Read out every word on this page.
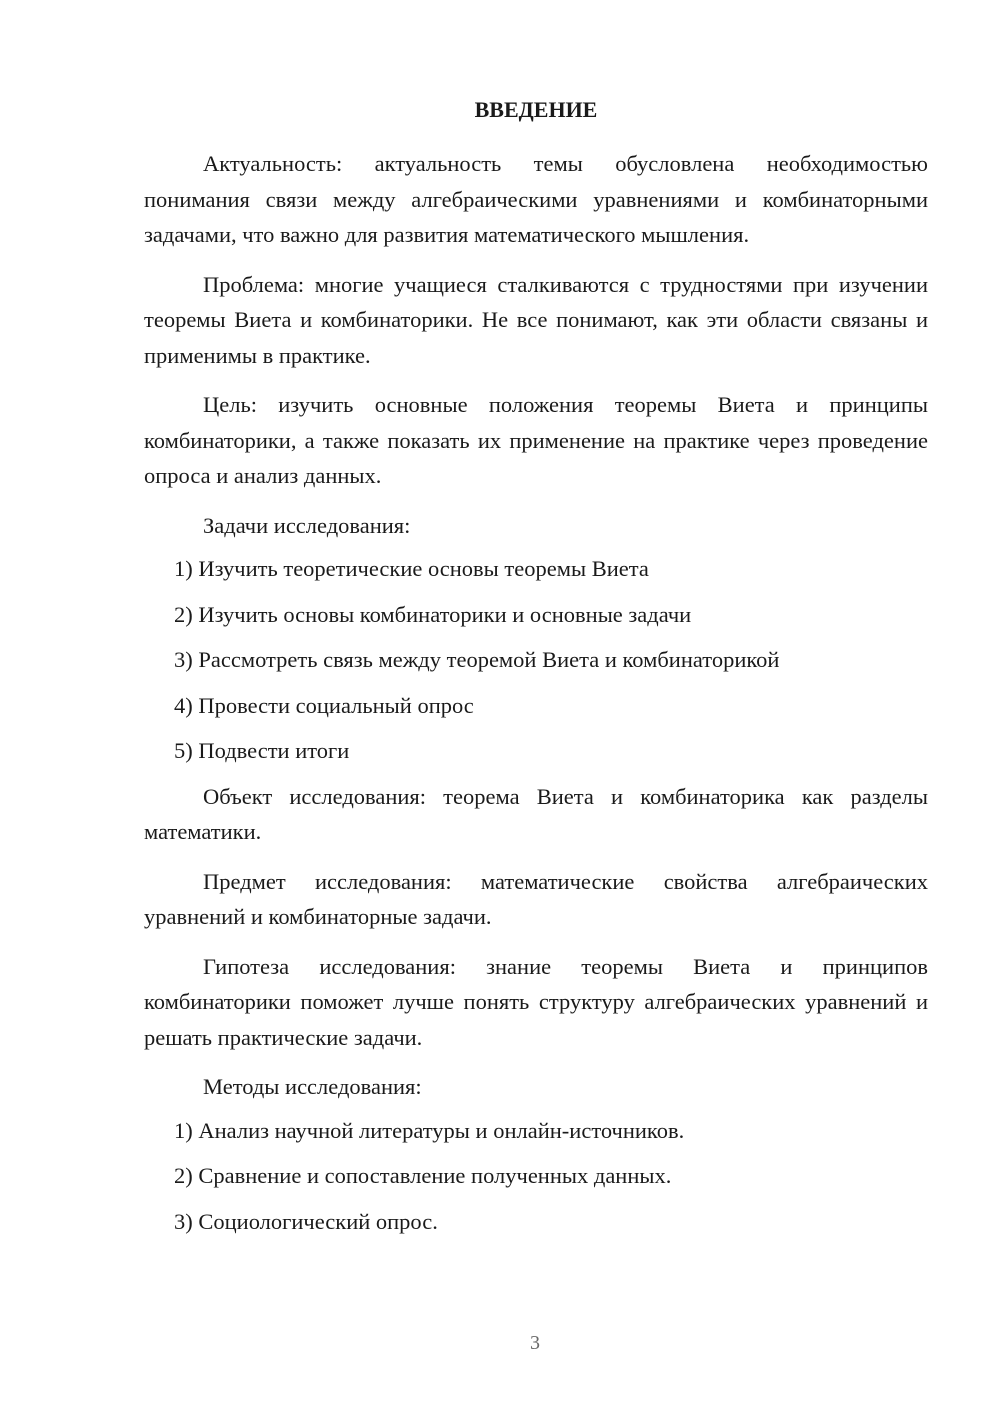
ВВЕДЕНИЕ

Актуальность: актуальность темы обусловлена необходимостью понимания связи между алгебраическими уравнениями и комбинаторными задачами, что важно для развития математического мышления.

Проблема: многие учащиеся сталкиваются с трудностями при изучении теоремы Виета и комбинаторики. Не все понимают, как эти области связаны и применимы в практике.

Цель: изучить основные положения теоремы Виета и принципы комбинаторики, а также показать их применение на практике через проведение опроса и анализ данных.

Задачи исследования:

1) Изучить теоретические основы теоремы Виета
2) Изучить основы комбинаторики и основные задачи
3) Рассмотреть связь между теоремой Виета и комбинаторикой
4) Провести социальный опрос
5) Подвести итоги

Объект исследования: теорема Виета и комбинаторика как разделы математики.

Предмет исследования: математические свойства алгебраических уравнений и комбинаторные задачи.

Гипотеза исследования: знание теоремы Виета и принципов комбинаторики поможет лучше понять структуру алгебраических уравнений и решать практические задачи.

Методы исследования:

1) Анализ научной литературы и онлайн-источников.
2) Сравнение и сопоставление полученных данных.
3) Социологический опрос.
3
